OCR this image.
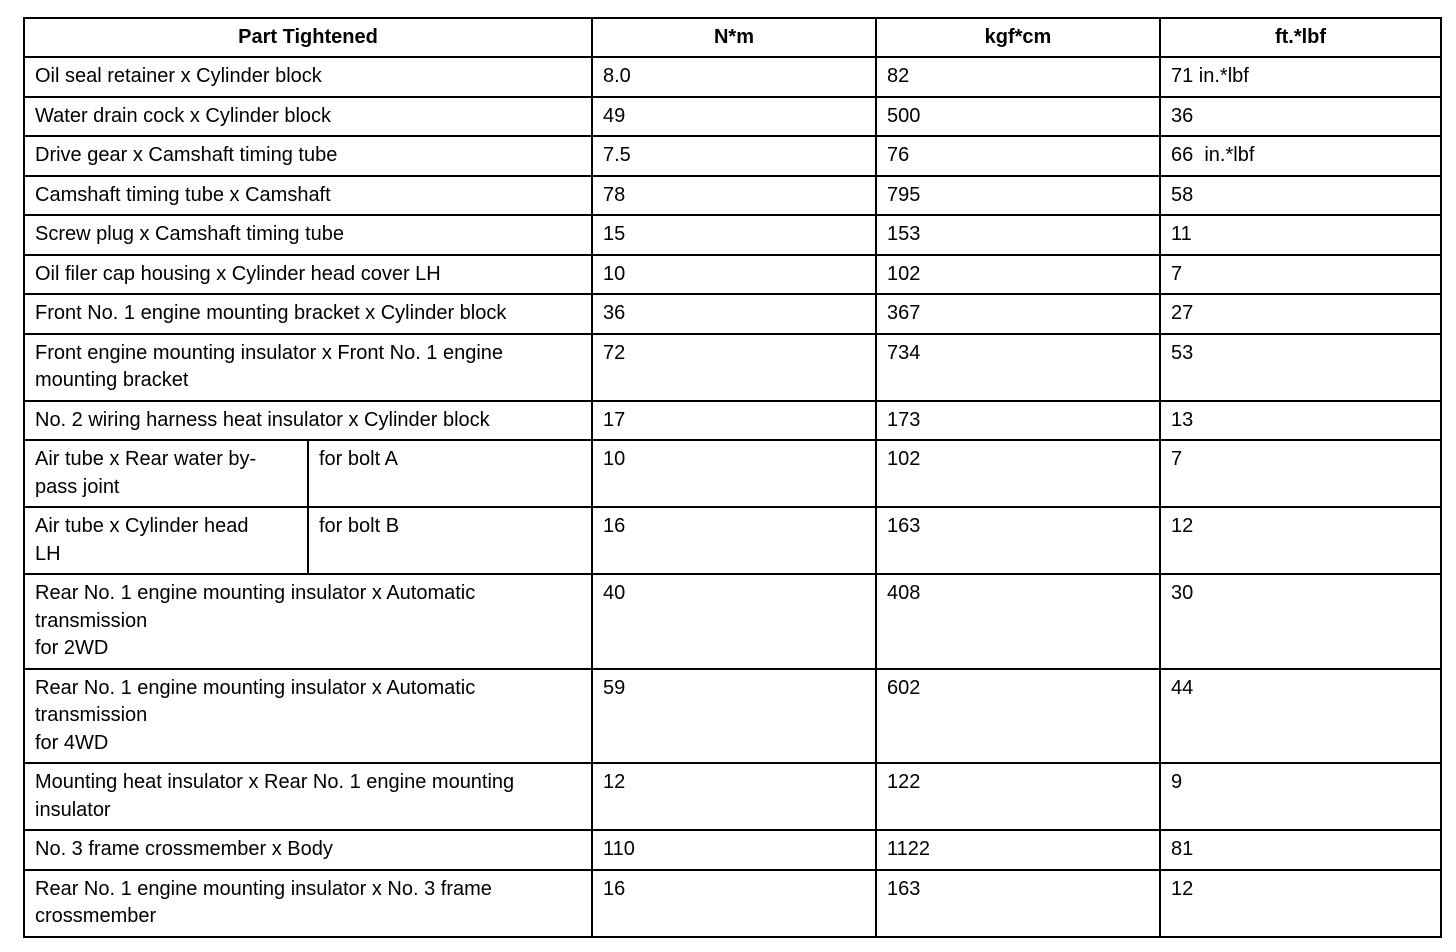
Part Tightened		N*m	kgf*cm	ft.*lbf

Oil seal retainer x Cylinder block		8.0	82	71 in.*lbf

Water drain cock x Cylinder block		49	500	36

Drive gear x Camshaft timing tube		7.5	76	66  in.*lbf

Camshaft timing tube x Camshaft		78	795	58

Screw plug x Camshaft timing tube		15	153	11

Oil filer cap housing x Cylinder head cover LH		10	102	7

Front No. 1 engine mounting bracket x Cylinder block		36	367	27

Front engine mounting insulator x Front No. 1 engine
mounting bracket		72	734	53

No. 2 wiring harness heat insulator x Cylinder block		17	173	13

Air tube x Rear water by-
pass joint	for bolt A	10	102	7

Air tube x Cylinder head
LH	for bolt B	16	163	12

Rear No. 1 engine mounting insulator x Automatic
transmission
for 2WD		40	408	30

Rear No. 1 engine mounting insulator x Automatic
transmission
for 4WD		59	602	44

Mounting heat insulator x Rear No. 1 engine mounting
insulator		12	122	9

No. 3 frame crossmember x Body		110	1122	81

Rear No. 1 engine mounting insulator x No. 3 frame
crossmember		16	163	12
